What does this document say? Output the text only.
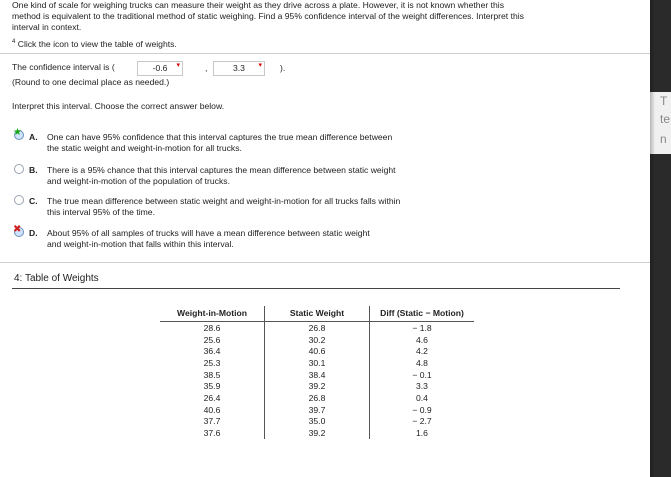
One kind of scale for weighing trucks can measure their weight as they drive across a plate. However, it is not known whether this
method is equivalent to the traditional method of static weighing. Find a 95% confidence interval of the weight differences. Interpret this
interval in context.
$^4$ Click the icon to view the table of weights.
The confidence interval is (	-0.6 ▾	,	3.3 ▾ ).
(Round to one decimal place as needed.)
Interpret this interval. Choose the correct answer below.
★ A. One can have 95% confidence that this interval captures the true mean difference between
the static weight and weight-in-motion for all trucks.
B. There is a 95% chance that this interval captures the mean difference between static weight
and weight-in-motion of the population of trucks.
C. The true mean difference between static weight and weight-in-motion for all trucks falls within
this interval 95% of the time.
✖ D. About 95% of all samples of trucks will have a mean difference between static weight
and weight-in-motion that falls within this interval.
4: Table of Weights
Weight-in-Motion	Static Weight	Diff (Static − Motion)
28.6	26.8	− 1.8
25.6	30.2	4.6
36.4	40.6	4.2
25.3	30.1	4.8
38.5	38.4	− 0.1
35.9	39.2	3.3
26.4	26.8	0.4
40.6	39.7	− 0.9
37.7	35.0	− 2.7
37.6	39.2	1.6
T
te
n
